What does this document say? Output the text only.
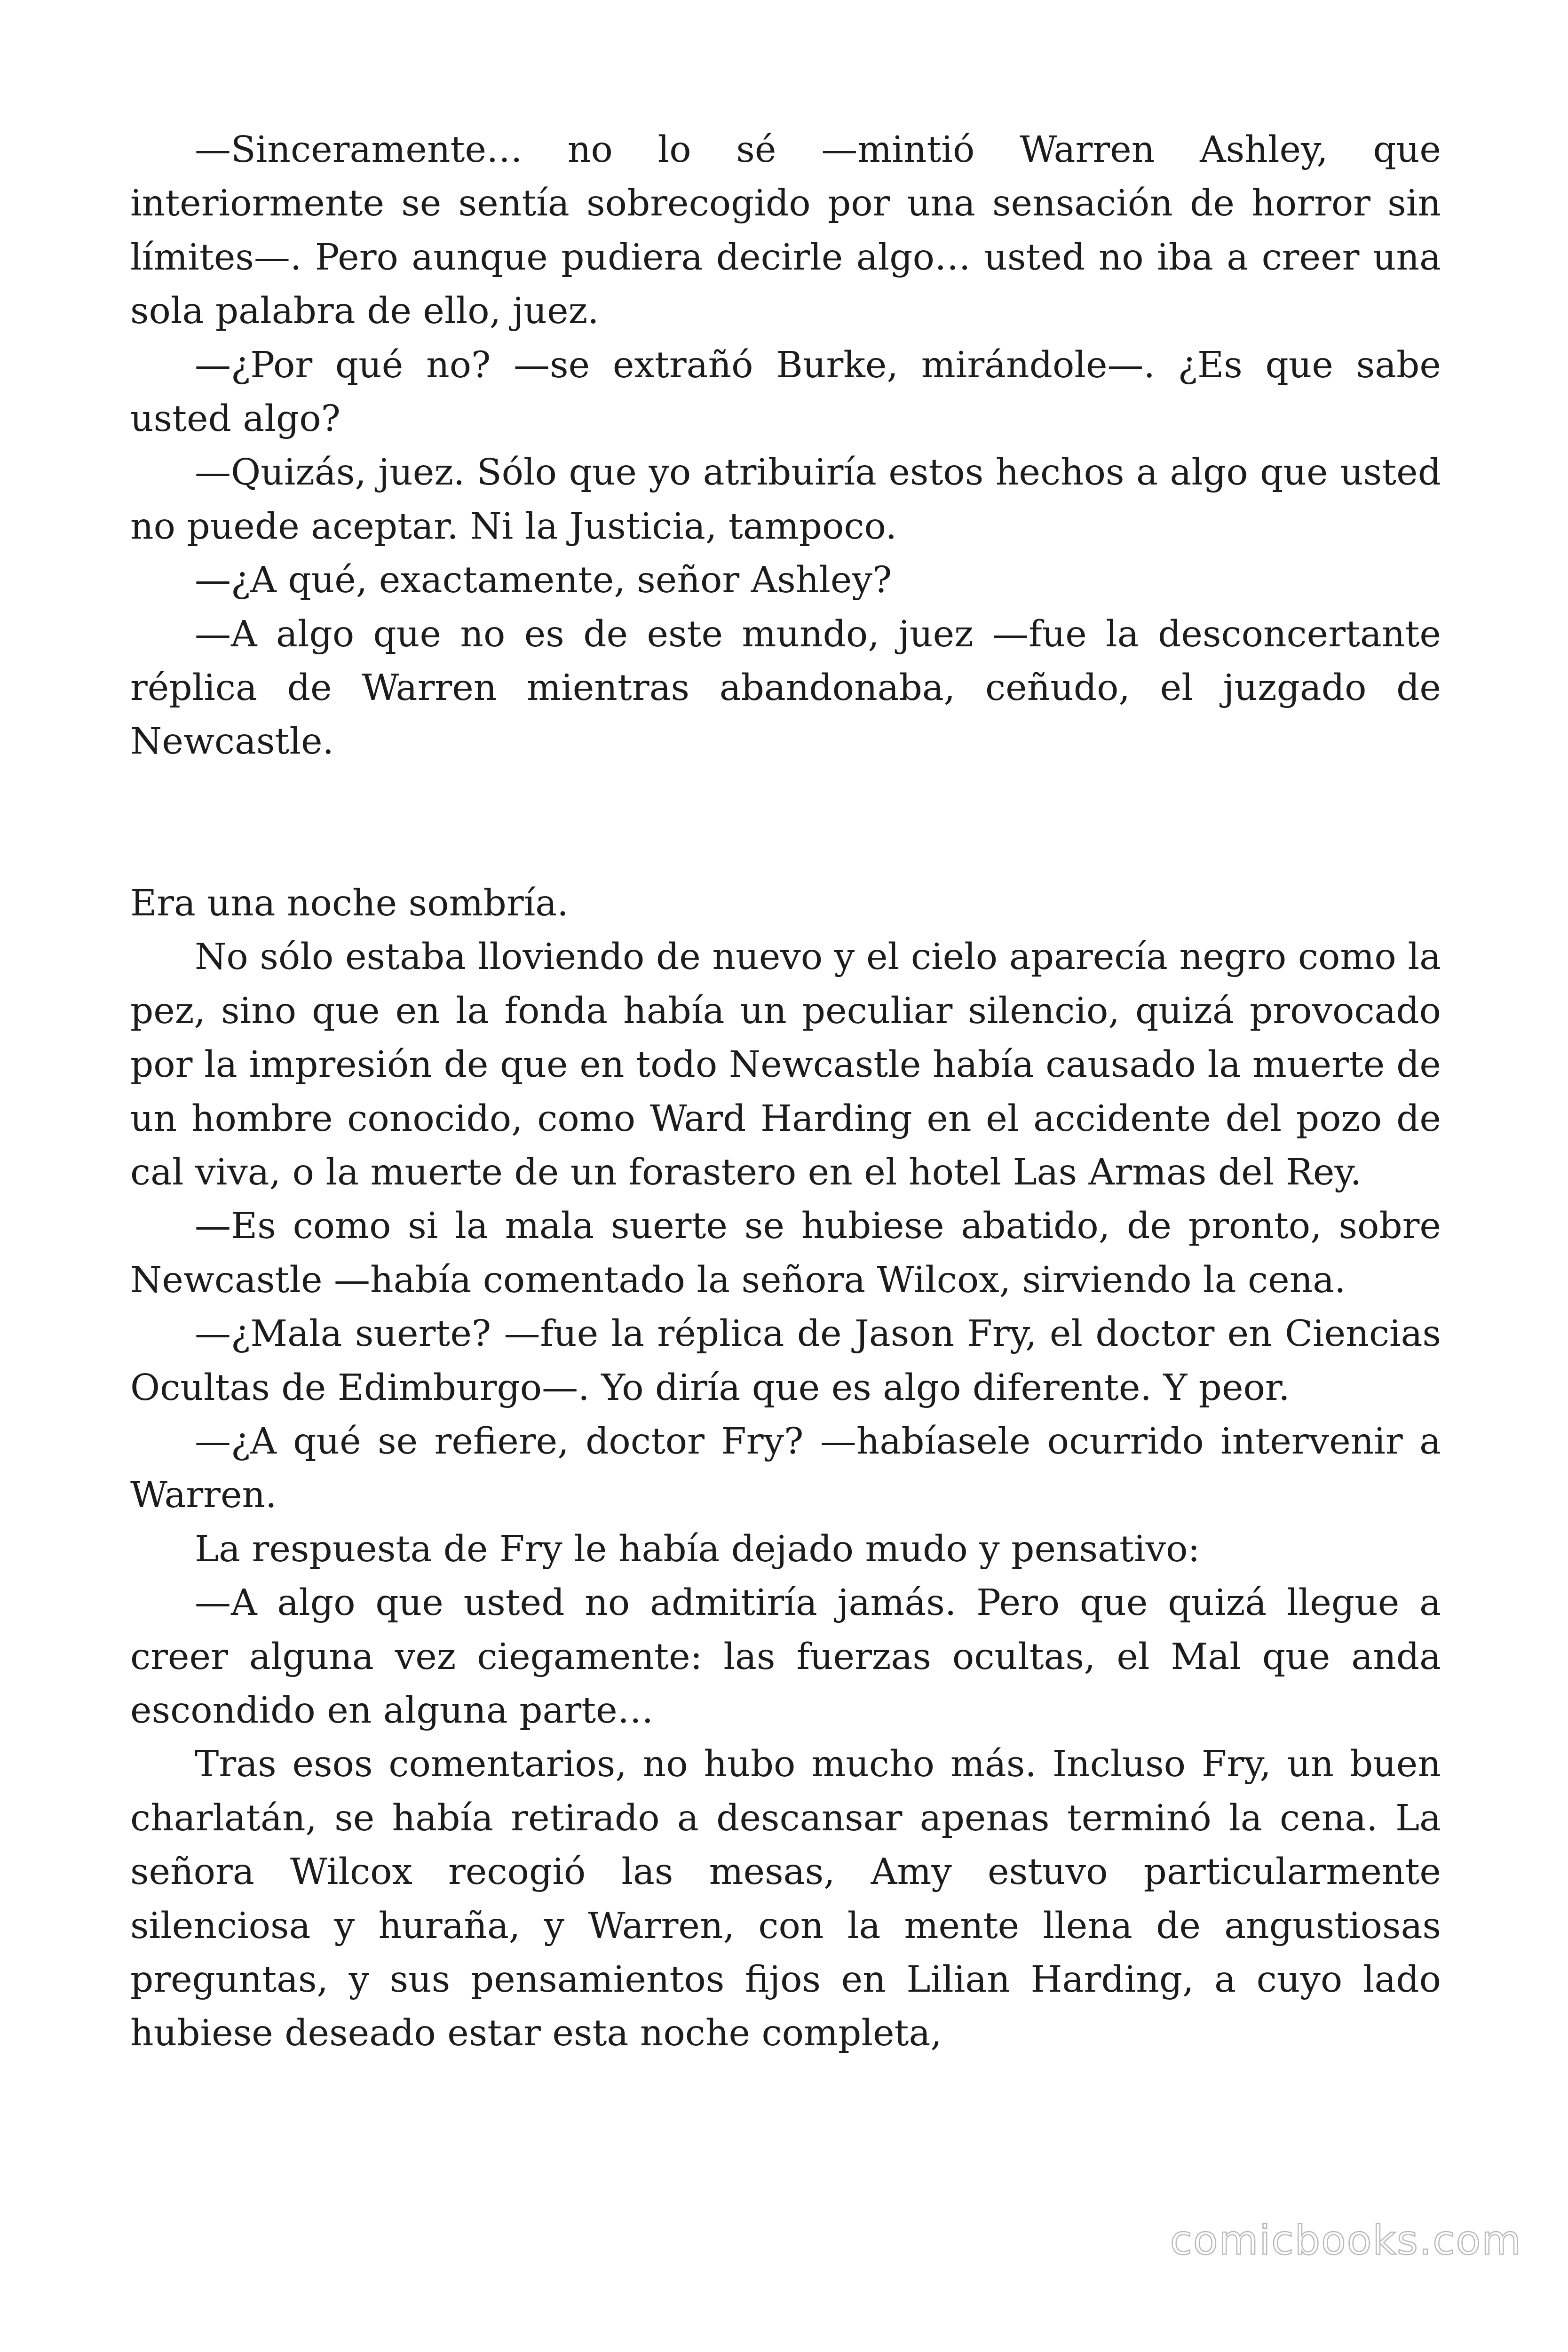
—Sinceramente… no lo sé —mintió Warren Ashley, que interiormente se sentía sobrecogido por una sensación de horror sin límites—. Pero aunque pudiera decirle algo… usted no iba a creer una sola palabra de ello, juez.

—¿Por qué no? —se extrañó Burke, mirándole—. ¿Es que sabe usted algo?

—Quizás, juez. Sólo que yo atribuiría estos hechos a algo que usted no puede aceptar. Ni la Justicia, tampoco.

—¿A qué, exactamente, señor Ashley?

—A algo que no es de este mundo, juez —fue la desconcertante réplica de Warren mientras abandonaba, ceñudo, el juzgado de Newcastle.

Era una noche sombría.

No sólo estaba lloviendo de nuevo y el cielo aparecía negro como la pez, sino que en la fonda había un peculiar silencio, quizá provocado por la impresión de que en todo Newcastle había causado la muerte de un hombre conocido, como Ward Harding en el accidente del pozo de cal viva, o la muerte de un forastero en el hotel Las Armas del Rey.

—Es como si la mala suerte se hubiese abatido, de pronto, sobre Newcastle —había comentado la señora Wilcox, sirviendo la cena.

—¿Mala suerte? —fue la réplica de Jason Fry, el doctor en Ciencias Ocultas de Edimburgo—. Yo diría que es algo diferente. Y peor.

—¿A qué se refiere, doctor Fry? —habíasele ocurrido intervenir a Warren.

La respuesta de Fry le había dejado mudo y pensativo:

—A algo que usted no admitiría jamás. Pero que quizá llegue a creer alguna vez ciegamente: las fuerzas ocultas, el Mal que anda escondido en alguna parte…

Tras esos comentarios, no hubo mucho más. Incluso Fry, un buen charlatán, se había retirado a descansar apenas terminó la cena. La señora Wilcox recogió las mesas, Amy estuvo particularmente silenciosa y huraña, y Warren, con la mente llena de angustiosas preguntas, y sus pensamientos fijos en Lilian Harding, a cuyo lado hubiese deseado estar esta noche completa,

comicbooks.com
